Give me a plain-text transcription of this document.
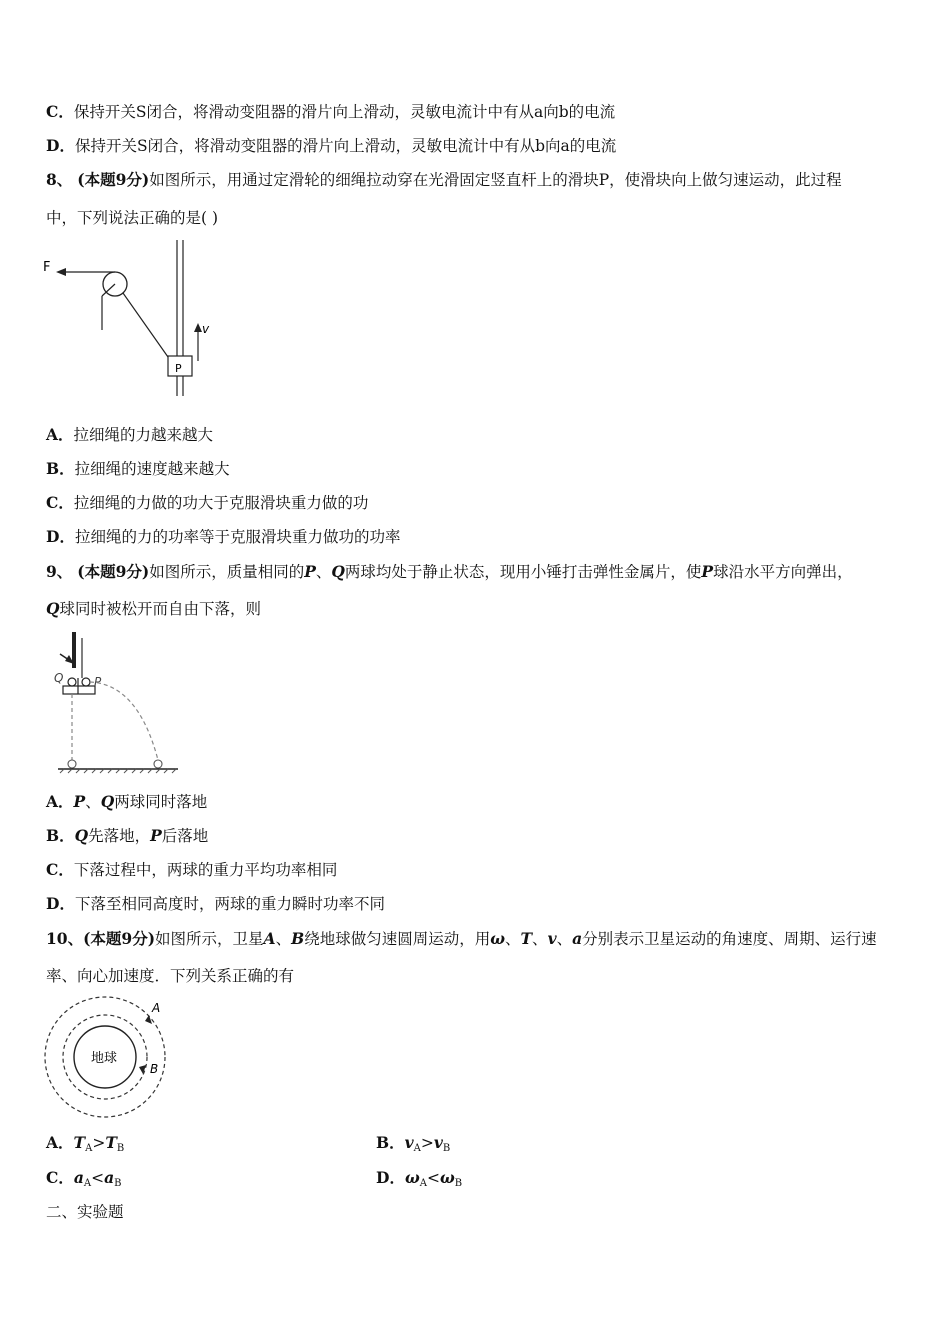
C．保持开关S闭合，将滑动变阻器的滑片向上滑动，灵敏电流计中有从a向b的电流
D．保持开关S闭合，将滑动变阻器的滑片向上滑动，灵敏电流计中有从b向a的电流
8、 (本题9分)如图所示，用通过定滑轮的细绳拉动穿在光滑固定竖直杆上的滑块P，使滑块向上做匀速运动，此过程
中，下列说法正确的是( )
F
P
v
A．拉细绳的力越来越大
B．拉细绳的速度越来越大
C．拉细绳的力做的功大于克服滑块重力做的功
D．拉细绳的力的功率等于克服滑块重力做功的功率
9、 (本题9分)如图所示，质量相同的P、Q两球均处于静止状态，现用小锤打击弹性金属片，使P球沿水平方向弹出，
Q球同时被松开而自由下落，则
Q	P
A．P、Q两球同时落地
B．Q先落地，P后落地
C．下落过程中，两球的重力平均功率相同
D．下落至相同高度时，两球的重力瞬时功率不同
10、(本题9分)如图所示，卫星A、B绕地球做匀速圆周运动，用ω、T、v、a分别表示卫星运动的角速度、周期、运行速
率、向心加速度．下列关系正确的有
地球
A
B
A．$T_A>T_B$	B．$v_A>v_B$
C．$a_A<a_B$	D．$\omega_A<\omega_B$
二、实验题
